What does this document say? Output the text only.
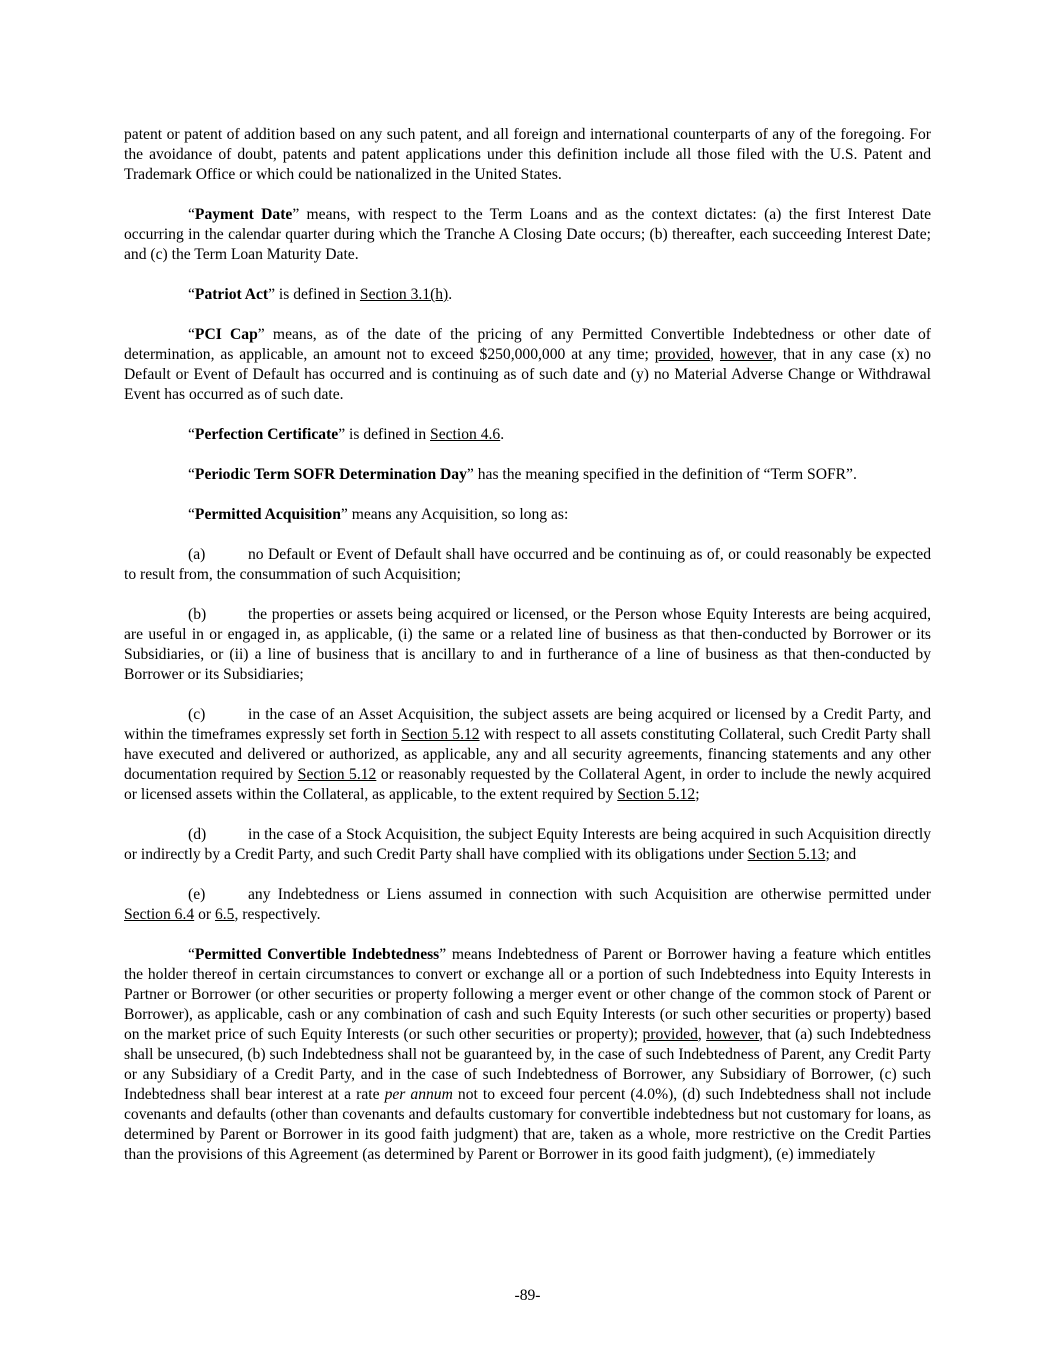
patent or patent of addition based on any such patent, and all foreign and international counterparts of any of the foregoing. For the avoidance of doubt, patents and patent applications under this definition include all those filed with the U.S. Patent and Trademark Office or which could be nationalized in the United States.

“Payment Date” means, with respect to the Term Loans and as the context dictates: (a) the first Interest Date occurring in the calendar quarter during which the Tranche A Closing Date occurs; (b) thereafter, each succeeding Interest Date; and (c) the Term Loan Maturity Date.

“Patriot Act” is defined in Section 3.1(h).

“PCI Cap” means, as of the date of the pricing of any Permitted Convertible Indebtedness or other date of determination, as applicable, an amount not to exceed $250,000,000 at any time; provided, however, that in any case (x) no Default or Event of Default has occurred and is continuing as of such date and (y) no Material Adverse Change or Withdrawal Event has occurred as of such date.

“Perfection Certificate” is defined in Section 4.6.

“Periodic Term SOFR Determination Day” has the meaning specified in the definition of “Term SOFR”.

“Permitted Acquisition” means any Acquisition, so long as:

(a)	no Default or Event of Default shall have occurred and be continuing as of, or could reasonably be expected to result from, the consummation of such Acquisition;

(b)	the properties or assets being acquired or licensed, or the Person whose Equity Interests are being acquired, are useful in or engaged in, as applicable, (i) the same or a related line of business as that then-conducted by Borrower or its Subsidiaries, or (ii) a line of business that is ancillary to and in furtherance of a line of business as that then-conducted by Borrower or its Subsidiaries;

(c)	in the case of an Asset Acquisition, the subject assets are being acquired or licensed by a Credit Party, and within the timeframes expressly set forth in Section 5.12 with respect to all assets constituting Collateral, such Credit Party shall have executed and delivered or authorized, as applicable, any and all security agreements, financing statements and any other documentation required by Section 5.12 or reasonably requested by the Collateral Agent, in order to include the newly acquired or licensed assets within the Collateral, as applicable, to the extent required by Section 5.12;

(d)	in the case of a Stock Acquisition, the subject Equity Interests are being acquired in such Acquisition directly or indirectly by a Credit Party, and such Credit Party shall have complied with its obligations under Section 5.13; and

(e)	any Indebtedness or Liens assumed in connection with such Acquisition are otherwise permitted under Section 6.4 or 6.5, respectively.

“Permitted Convertible Indebtedness” means Indebtedness of Parent or Borrower having a feature which entitles the holder thereof in certain circumstances to convert or exchange all or a portion of such Indebtedness into Equity Interests in Partner or Borrower (or other securities or property following a merger event or other change of the common stock of Parent or Borrower), as applicable, cash or any combination of cash and such Equity Interests (or such other securities or property) based on the market price of such Equity Interests (or such other securities or property); provided, however, that (a) such Indebtedness shall be unsecured, (b) such Indebtedness shall not be guaranteed by, in the case of such Indebtedness of Parent, any Credit Party or any Subsidiary of a Credit Party, and in the case of such Indebtedness of Borrower, any Subsidiary of Borrower, (c) such Indebtedness shall bear interest at a rate per annum not to exceed four percent (4.0%), (d) such Indebtedness shall not include covenants and defaults (other than covenants and defaults customary for convertible indebtedness but not customary for loans, as determined by Parent or Borrower in its good faith judgment) that are, taken as a whole, more restrictive on the Credit Parties than the provisions of this Agreement (as determined by Parent or Borrower in its good faith judgment), (e) immediately

-89-
